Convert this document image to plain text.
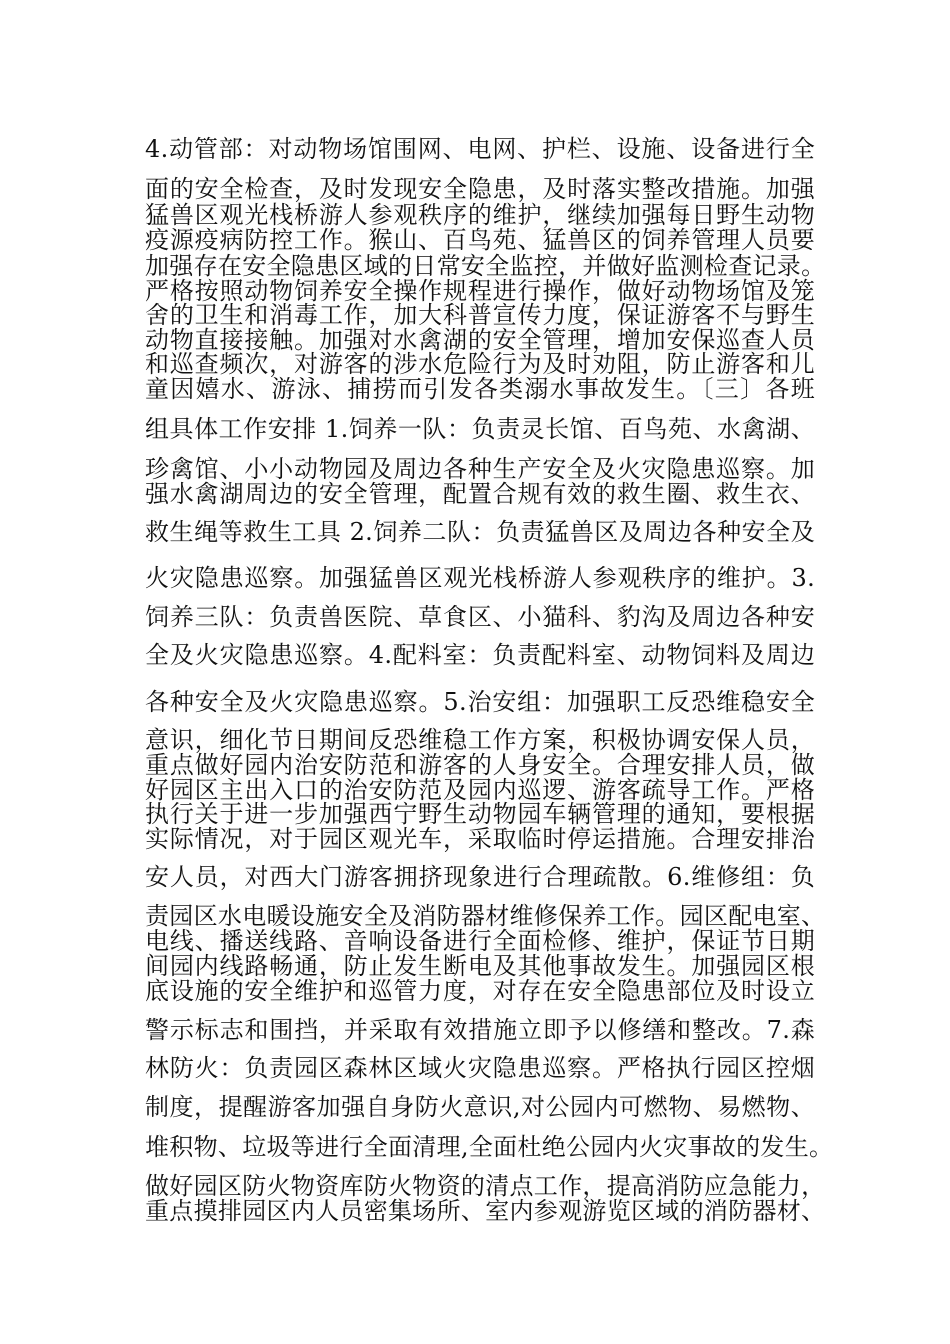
4.动管部：对动物场馆围网、电网、护栏、设施、设备进行全
面的安全检查，及时发现安全隐患，及时落实整改措施。加强
猛兽区观光栈桥游人参观秩序的维护，继续加强每日野生动物
疫源疫病防控工作。猴山、百鸟苑、猛兽区的饲养管理人员要
加强存在安全隐患区域的日常安全监控，并做好监测检查记录。
严格按照动物饲养安全操作规程进行操作，做好动物场馆及笼
舍的卫生和消毒工作，加大科普宣传力度，保证游客不与野生
动物直接接触。加强对水禽湖的安全管理，增加安保巡查人员
和巡查频次，对游客的涉水危险行为及时劝阻，防止游客和儿
童因嬉水、游泳、捕捞而引发各类溺水事故发生。〔三〕各班
组具体工作安排 1.饲养一队：负责灵长馆、百鸟苑、水禽湖、
珍禽馆、小小动物园及周边各种生产安全及火灾隐患巡察。加
强水禽湖周边的安全管理，配置合规有效的救生圈、救生衣、
救生绳等救生工具 2.饲养二队：负责猛兽区及周边各种安全及
火灾隐患巡察。加强猛兽区观光栈桥游人参观秩序的维护。3.
饲养三队：负责兽医院、草食区、小猫科、豹沟及周边各种安
全及火灾隐患巡察。4.配料室：负责配料室、动物饲料及周边
各种安全及火灾隐患巡察。5.治安组：加强职工反恐维稳安全
意识，细化节日期间反恐维稳工作方案，积极协调安保人员，
重点做好园内治安防范和游客的人身安全。合理安排人员，做
好园区主出入口的治安防范及园内巡逻、游客疏导工作。严格
执行关于进一步加强西宁野生动物园车辆管理的通知，要根据
实际情况，对于园区观光车，采取临时停运措施。合理安排治
安人员，对西大门游客拥挤现象进行合理疏散。6.维修组：负
责园区水电暖设施安全及消防器材维修保养工作。园区配电室、
电线、播送线路、音响设备进行全面检修、维护，保证节日期
间园内线路畅通，防止发生断电及其他事故发生。加强园区根
底设施的安全维护和巡管力度，对存在安全隐患部位及时设立
警示标志和围挡，并采取有效措施立即予以修缮和整改。7.森
林防火：负责园区森林区域火灾隐患巡察。严格执行园区控烟
制度，提醒游客加强自身防火意识,对公园内可燃物、易燃物、
堆积物、垃圾等进行全面清理,全面杜绝公园内火灾事故的发生。
做好园区防火物资库防火物资的清点工作，提高消防应急能力，
重点摸排园区内人员密集场所、室内参观游览区域的消防器材、
